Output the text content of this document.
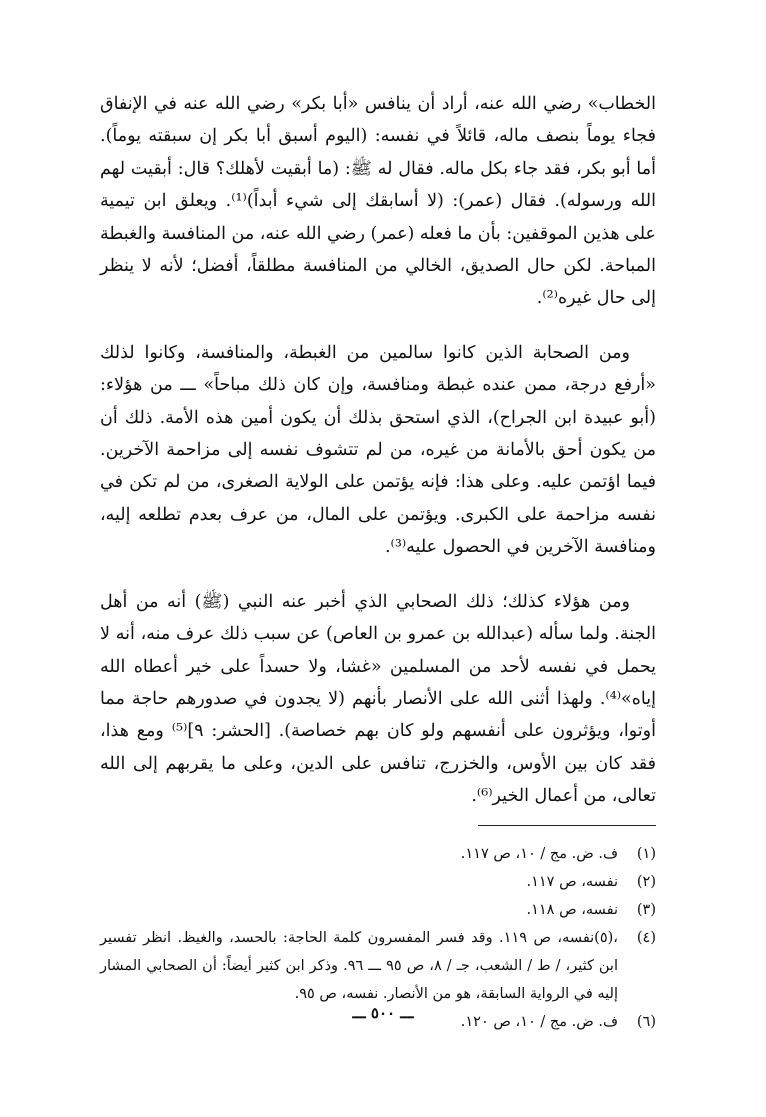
الخطاب» رضي الله عنه، أراد أن ينافس «أبا بكر» رضي الله عنه في الإنفاق فجاء يوماً بنصف ماله، قائلاً في نفسه: (اليوم أسبق أبا بكر إن سبقته يوماً). أما أبو بكر، فقد جاء بكل ماله. فقال له ﷺ: (ما أبقيت لأهلك؟ قال: أبقيت لهم الله ورسوله). فقال (عمر): (لا أسابقك إلى شيء أبداً)⁽¹⁾. ويعلق ابن تيمية على هذين الموقفين: بأن ما فعله (عمر) رضي الله عنه، من المنافسة والغبطة المباحة. لكن حال الصديق، الخالي من المنافسة مطلقاً، أفضل؛ لأنه لا ينظر إلى حال غيره⁽²⁾.

ومن الصحابة الذين كانوا سالمين من الغبطة، والمنافسة، وكانوا لذلك «أرفع درجة، ممن عنده غبطة ومنافسة، وإن كان ذلك مباحاً» ـــ من هؤلاء: (أبو عبيدة ابن الجراح)، الذي استحق بذلك أن يكون أمين هذه الأمة. ذلك أن من يكون أحق بالأمانة من غيره، من لم تتشوف نفسه إلى مزاحمة الآخرين. فيما اؤتمن عليه. وعلى هذا: فإنه يؤتمن على الولاية الصغرى، من لم تكن في نفسه مزاحمة على الكبرى. ويؤتمن على المال، من عرف بعدم تطلعه إليه، ومنافسة الآخرين في الحصول عليه⁽³⁾.

ومن هؤلاء كذلك؛ ذلك الصحابي الذي أخبر عنه النبي (ﷺ) أنه من أهل الجنة. ولما سأله (عبدالله بن عمرو بن العاص) عن سبب ذلك عرف منه، أنه لا يحمل في نفسه لأحد من المسلمين «غشا، ولا حسداً على خير أعطاه الله إياه»⁽⁴⁾. ولهذا أثنى الله على الأنصار بأنهم (لا يجدون في صدورهم حاجة مما أوتوا، ويؤثرون على أنفسهم ولو كان بهم خصاصة). [الحشر: ٩]⁽⁵⁾ ومع هذا، فقد كان بين الأوس، والخزرج، تنافس على الدين، وعلى ما يقربهم إلى الله تعالى، من أعمال الخير⁽⁶⁾.

(١)
ف. ض. مج / ١٠، ص ١١٧.
(٢)
نفسه، ص ١١٧.
(٣)
نفسه، ص ١١٨.
(٤)
،(٥)نفسه، ص ١١٩. وقد فسر المفسرون كلمة الحاجة: بالحسد، والغيظ. انظر تفسير ابن كثير، / ط / الشعب، جـ / ٨، ص ٩٥ ـــ ٩٦. وذكر ابن كثير أيضاً: أن الصحابي المشار إليه في الرواية السابقة، هو من الأنصار. نفسه، ص ٩٥.
(٦)
ف. ض. مج / ١٠، ص ١٢٠.
ـــ ٥٠٠ ـــ
